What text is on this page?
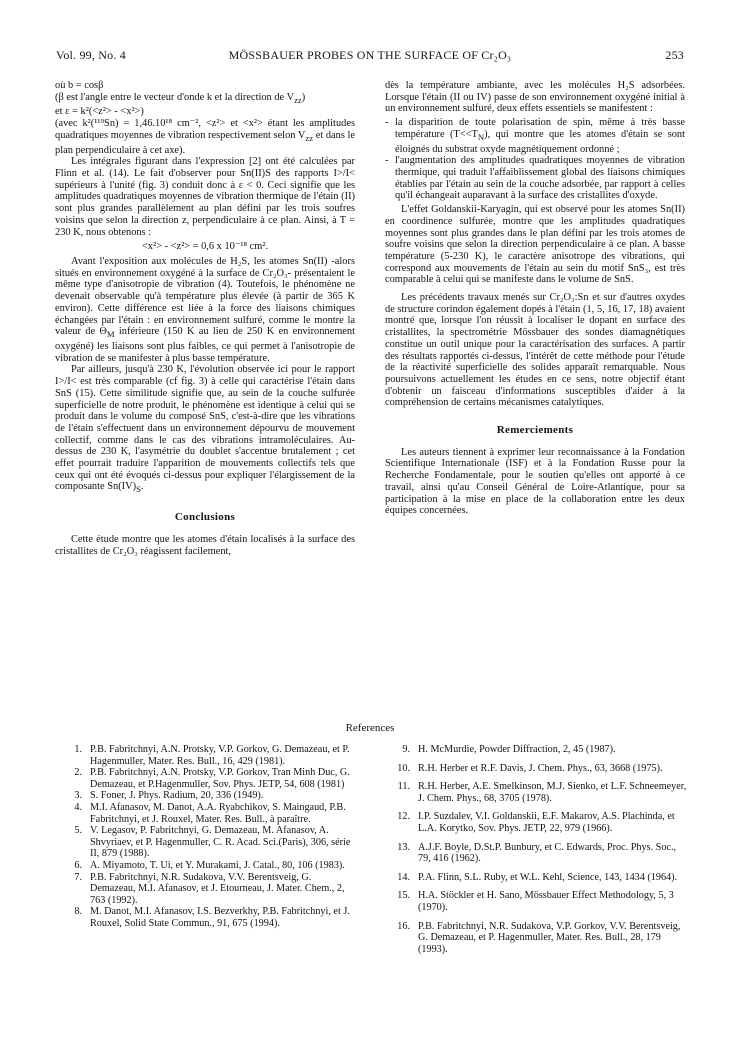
Vol. 99, No. 4	MÖSSBAUER PROBES ON THE SURFACE OF Cr₂O₃	253

où b = cosβ

(β est l'angle entre le vecteur d'onde k et la direction de $V_{zz}$)

et ε = k²(<z²> - <x²>)

(avec k²(¹¹⁹Sn) = 1,46.10¹⁸ cm⁻², <z²> et <x²> étant les amplitudes quadratiques moyennes de vibration respectivement selon $V_{zz}$ et dans le plan perpendiculaire à cet axe).

Les intégrales figurant dans l'expression [2] ont été calculées par Flinn et al. (14). Le fait d'observer pour Sn(II)S des rapports I>/I< supérieurs à l'unité (fig. 3) conduit donc à ε < 0. Ceci signifie que les amplitudes quadratiques moyennes de vibration thermique de l'étain (II) sont plus grandes parallèlement au plan défini par les trois soufres voisins que selon la direction z, perpendiculaire à ce plan. Ainsi, à T = 230 K, nous obtenons :

<x²> - <z²> = 0,6 x 10⁻¹⁸ cm².

Avant l'exposition aux molécules de H₂S, les atomes Sn(II) -alors situés en environnement oxygéné à la surface de Cr₂O₃- présentaient le même type d'anisotropie de vibration (4). Toutefois, le phénomène ne devenait observable qu'à température plus élevée (à partir de 365 K environ). Cette différence est liée à la force des liaisons chimiques échangées par l'étain : en environnement sulfuré, comme le montre la valeur de $\Theta_M$ inférieure (150 K au lieu de 250 K en environnement oxygéné) les liaisons sont plus faibles, ce qui permet à l'anisotropie de vibration de se manifester à plus basse température.

Par ailleurs, jusqu'à 230 K, l'évolution observée ici pour le rapport I>/I< est très comparable (cf fig. 3) à celle qui caractérise l'étain dans SnS (15). Cette similitude signifie que, au sein de la couche sulfurée superficielle de notre produit, le phénomène est identique à celui qui se produit dans le volume du composé SnS, c'est-à-dire que les vibrations de l'étain s'effectuent dans un environnement dépourvu de mouvement collectif, comme dans le cas des vibrations intramoléculaires. Au-dessus de 230 K, l'asymétrie du doublet s'accentue brutalement ; cet effet pourrait traduire l'apparition de mouvements collectifs tels que ceux qui ont été évoqués ci-dessus pour expliquer l'élargissement de la composante $Sn(IV)_S$.

Conclusions

Cette étude montre que les atomes d'étain localisés à la surface des cristallites de Cr₂O₃ réagissent facilement,

dès la température ambiante, avec les molécules H₂S adsorbées. Lorsque l'étain (II ou IV) passe de son environnement oxygéné initial à un environnement sulfuré, deux effets essentiels se manifestent :

- la disparition de toute polarisation de spin, même à très basse température $(T<<T_N)$, qui montre que les atomes d'étain se sont éloignés du substrat oxyde magnétiquement ordonné ;
- l'augmentation des amplitudes quadratiques moyennes de vibration thermique, qui traduit l'affaiblissement global des liaisons chimiques établies par l'étain au sein de la couche adsorbée, par rapport à celles qu'il échangeait auparavant à la surface des cristallites d'oxyde.

L'effet Goldanskii-Karyagin, qui est observé pour les atomes Sn(II) en coordinence sulfurée, montre que les amplitudes quadratiques moyennes sont plus grandes dans le plan défini par les trois atomes de soufre voisins que selon la direction perpendiculaire à ce plan. A basse température (5-230 K), le caractère anisotrope des vibrations, qui correspond aux mouvements de l'étain au sein du motif SnS₃, est très comparable à celui qui se manifeste dans le volume de SnS.

Les précédents travaux menés sur Cr₂O₃:Sn et sur d'autres oxydes de structure corindon également dopés à l'étain (1, 5, 16, 17, 18) avaient montré que, lorsque l'on réussit à localiser le dopant en surface des cristallites, la spectrométrie Mössbauer des sondes diamagnétiques constitue un outil unique pour la caractérisation des surfaces. A partir des résultats rapportés ci-dessus, l'intérêt de cette méthode pour l'étude de la réactivité superficielle des solides apparaît remarquable. Nous poursuivons actuellement les études en ce sens, notre objectif étant d'obtenir un faisceau d'informations susceptibles d'aider à la compréhension de certains mécanismes catalytiques.

Remerciements

Les auteurs tiennent à exprimer leur reconnaissance à la Fondation Scientifique Internationale (ISF) et à la Fondation Russe pour la Recherche Fondamentale, pour le soutien qu'elles ont apporté à ce travail, ainsi qu'au Conseil Général de Loire-Atlantique, pour sa participation à la mise en place de la collaboration entre les deux équipes concernées.

References
1. P.B. Fabritchnyi, A.N. Protsky, V.P. Gorkov, G. Demazeau, et P. Hagenmuller, Mater. Res. Bull., 16, 429 (1981).
2. P.B. Fabritchnyi, A.N. Protsky, V.P. Gorkov, Tran Minh Duc, G. Demazeau, et P.Hagenmuller, Sov. Phys. JETP, 54, 608 (1981)
3. S. Foner, J. Phys. Radium, 20, 336 (1949).
4. M.I. Afanasov, M. Danot, A.A. Ryabchikov, S. Maingaud, P.B. Fabritchnyi, et J. Rouxel, Mater. Res. Bull., à paraître.
5. V. Legasov, P. Fabritchnyi, G. Demazeau, M. Afanasov, A. Shvyriaev, et P. Hagenmuller, C. R. Acad. Sci.(Paris), 306, série II, 879 (1988).
6. A. Miyamoto, T. Ui, et Y. Murakami, J. Catal., 80, 106 (1983).
7. P.B. Fabritchnyi, N.R. Sudakova, V.V. Berentsveig, G. Demazeau, M.I. Afanasov, et J. Etourneau, J. Mater. Chem., 2, 763 (1992).
8. M. Danot, M.I. Afanasov, I.S. Bezverkhy, P.B. Fabritchnyi, et J. Rouxel, Solid State Commun., 91, 675 (1994).
9. H. McMurdie, Powder Diffraction, 2, 45 (1987).
10. R.H. Herber et R.F. Davis, J. Chem. Phys., 63, 3668 (1975).
11. R.H. Herber, A.E. Smelkinson, M.J. Sienko, et L.F. Schneemeyer, J. Chem. Phys., 68, 3705 (1978).
12. I.P. Suzdalev, V.I. Goldanskii, E.F. Makarov, A.S. Plachinda, et L.A. Korytko, Sov. Phys. JETP, 22, 979 (1966).
13. A.J.F. Boyle, D.St.P. Bunbury, et C. Edwards, Proc. Phys. Soc., 79, 416 (1962).
14. P.A. Flinn, S.L. Ruby, et W.L. Kehl, Science, 143, 1434 (1964).
15. H.A. Stöckler et H. Sano, Mössbauer Effect Methodology, 5, 3 (1970).
16. P.B. Fabritchnyi, N.R. Sudakova, V.P. Gorkov, V.V. Berentsveig, G. Demazeau, et P. Hagenmuller, Mater. Res. Bull., 28, 179 (1993).
